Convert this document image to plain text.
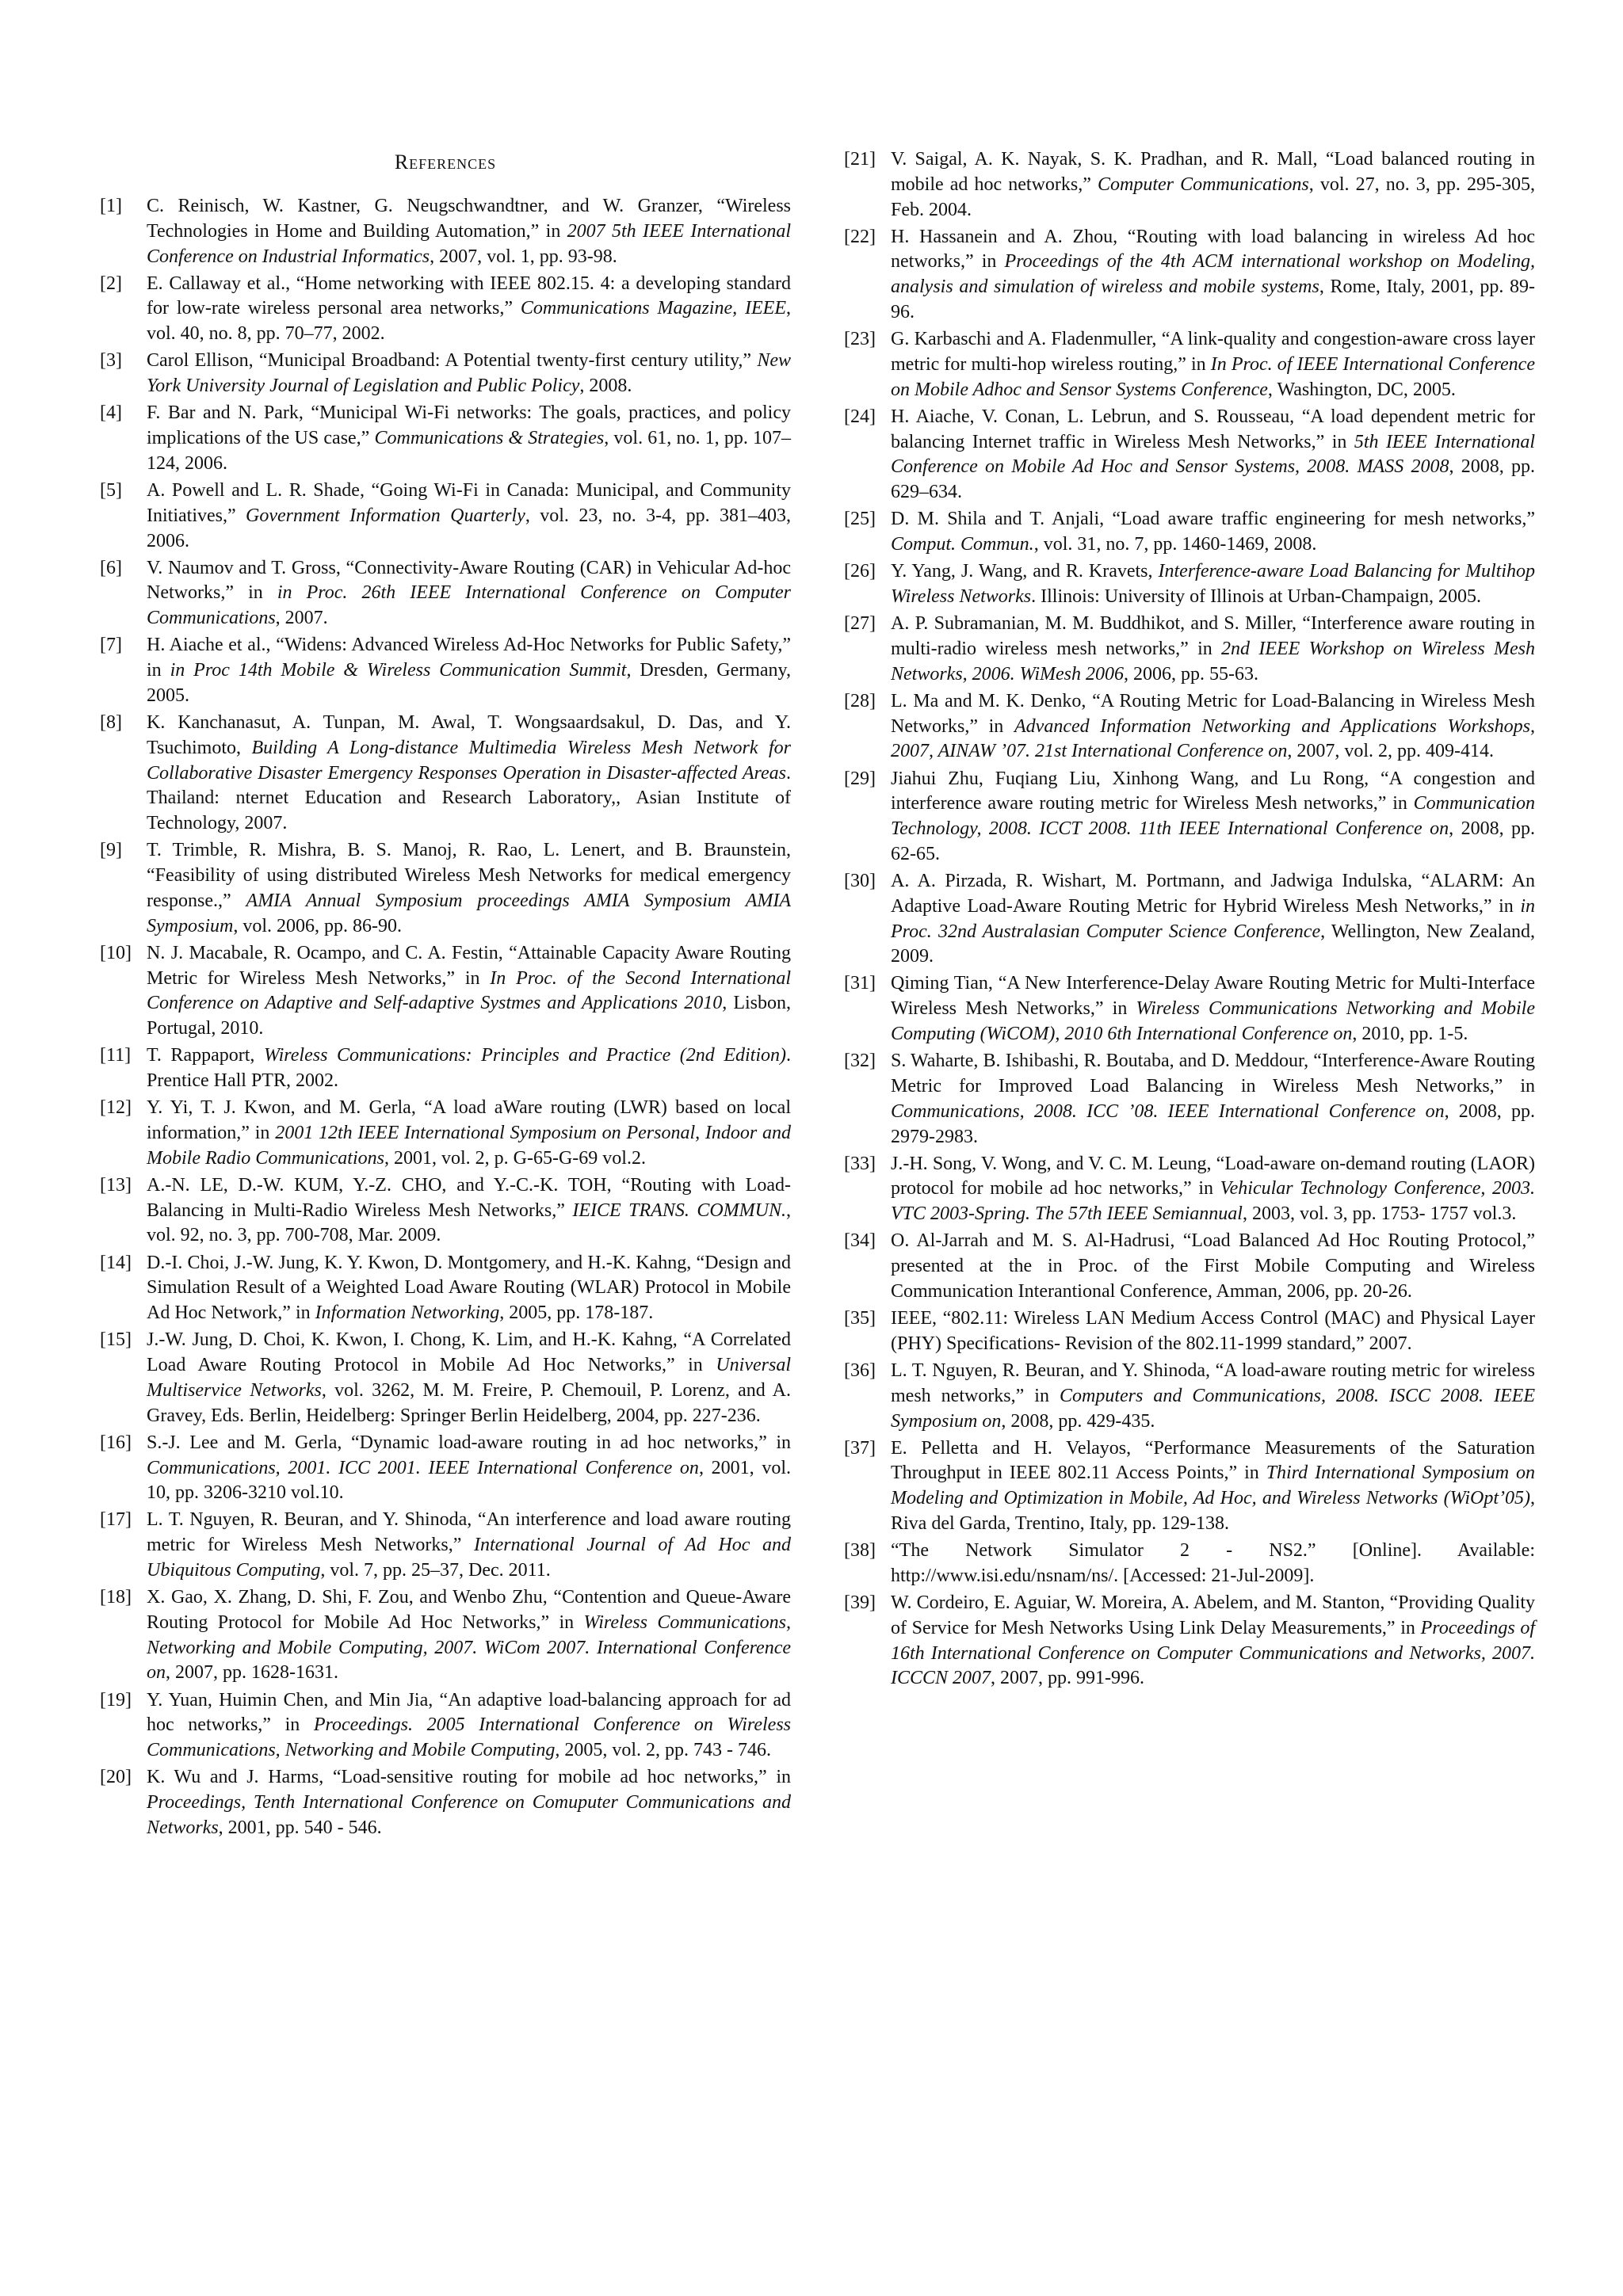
References
[1] C. Reinisch, W. Kastner, G. Neugschwandtner, and W. Granzer, “Wireless Technologies in Home and Building Automation,” in 2007 5th IEEE International Conference on Industrial Informatics, 2007, vol. 1, pp. 93-98.
[2] E. Callaway et al., “Home networking with IEEE 802.15. 4: a developing standard for low-rate wireless personal area networks,” Communications Magazine, IEEE, vol. 40, no. 8, pp. 70–77, 2002.
[3] Carol Ellison, “Municipal Broadband: A Potential twenty-first century utility,” New York University Journal of Legislation and Public Policy, 2008.
[4] F. Bar and N. Park, “Municipal Wi-Fi networks: The goals, practices, and policy implications of the US case,” Communications & Strategies, vol. 61, no. 1, pp. 107–124, 2006.
[5] A. Powell and L. R. Shade, “Going Wi-Fi in Canada: Municipal, and Community Initiatives,” Government Information Quarterly, vol. 23, no. 3-4, pp. 381–403, 2006.
[6] V. Naumov and T. Gross, “Connectivity-Aware Routing (CAR) in Vehicular Ad-hoc Networks,” in in Proc. 26th IEEE International Conference on Computer Communications, 2007.
[7] H. Aiache et al., “Widens: Advanced Wireless Ad-Hoc Networks for Public Safety,” in in Proc 14th Mobile & Wireless Communication Summit, Dresden, Germany, 2005.
[8] K. Kanchanasut, A. Tunpan, M. Awal, T. Wongsaardsakul, D. Das, and Y. Tsuchimoto, Building A Long-distance Multimedia Wireless Mesh Network for Collaborative Disaster Emergency Responses Operation in Disaster-affected Areas. Thailand: nternet Education and Research Laboratory,, Asian Institute of Technology, 2007.
[9] T. Trimble, R. Mishra, B. S. Manoj, R. Rao, L. Lenert, and B. Braunstein, “Feasibility of using distributed Wireless Mesh Networks for medical emergency response.,” AMIA Annual Symposium proceedings AMIA Symposium AMIA Symposium, vol. 2006, pp. 86-90.
[10] N. J. Macabale, R. Ocampo, and C. A. Festin, “Attainable Capacity Aware Routing Metric for Wireless Mesh Networks,” in In Proc. of the Second International Conference on Adaptive and Self-adaptive Systmes and Applications 2010, Lisbon, Portugal, 2010.
[11] T. Rappaport, Wireless Communications: Principles and Practice (2nd Edition). Prentice Hall PTR, 2002.
[12] Y. Yi, T. J. Kwon, and M. Gerla, “A load aWare routing (LWR) based on local information,” in 2001 12th IEEE International Symposium on Personal, Indoor and Mobile Radio Communications, 2001, vol. 2, p. G-65-G-69 vol.2.
[13] A.-N. LE, D.-W. KUM, Y.-Z. CHO, and Y.-C.-K. TOH, “Routing with Load-Balancing in Multi-Radio Wireless Mesh Networks,” IEICE TRANS. COMMUN., vol. 92, no. 3, pp. 700-708, Mar. 2009.
[14] D.-I. Choi, J.-W. Jung, K. Y. Kwon, D. Montgomery, and H.-K. Kahng, “Design and Simulation Result of a Weighted Load Aware Routing (WLAR) Protocol in Mobile Ad Hoc Network,” in Information Networking, 2005, pp. 178-187.
[15] J.-W. Jung, D. Choi, K. Kwon, I. Chong, K. Lim, and H.-K. Kahng, “A Correlated Load Aware Routing Protocol in Mobile Ad Hoc Networks,” in Universal Multiservice Networks, vol. 3262, M. M. Freire, P. Chemouil, P. Lorenz, and A. Gravey, Eds. Berlin, Heidelberg: Springer Berlin Heidelberg, 2004, pp. 227-236.
[16] S.-J. Lee and M. Gerla, “Dynamic load-aware routing in ad hoc networks,” in Communications, 2001. ICC 2001. IEEE International Conference on, 2001, vol. 10, pp. 3206-3210 vol.10.
[17] L. T. Nguyen, R. Beuran, and Y. Shinoda, “An interference and load aware routing metric for Wireless Mesh Networks,” International Journal of Ad Hoc and Ubiquitous Computing, vol. 7, pp. 25–37, Dec. 2011.
[18] X. Gao, X. Zhang, D. Shi, F. Zou, and Wenbo Zhu, “Contention and Queue-Aware Routing Protocol for Mobile Ad Hoc Networks,” in Wireless Communications, Networking and Mobile Computing, 2007. WiCom 2007. International Conference on, 2007, pp. 1628-1631.
[19] Y. Yuan, Huimin Chen, and Min Jia, “An adaptive load-balancing approach for ad hoc networks,” in Proceedings. 2005 International Conference on Wireless Communications, Networking and Mobile Computing, 2005, vol. 2, pp. 743 - 746.
[20] K. Wu and J. Harms, “Load-sensitive routing for mobile ad hoc networks,” in Proceedings, Tenth International Conference on Comuputer Communications and Networks, 2001, pp. 540 - 546.
[21] V. Saigal, A. K. Nayak, S. K. Pradhan, and R. Mall, “Load balanced routing in mobile ad hoc networks,” Computer Communications, vol. 27, no. 3, pp. 295-305, Feb. 2004.
[22] H. Hassanein and A. Zhou, “Routing with load balancing in wireless Ad hoc networks,” in Proceedings of the 4th ACM international workshop on Modeling, analysis and simulation of wireless and mobile systems, Rome, Italy, 2001, pp. 89-96.
[23] G. Karbaschi and A. Fladenmuller, “A link-quality and congestion-aware cross layer metric for multi-hop wireless routing,” in In Proc. of IEEE International Conference on Mobile Adhoc and Sensor Systems Conference, Washington, DC, 2005.
[24] H. Aiache, V. Conan, L. Lebrun, and S. Rousseau, “A load dependent metric for balancing Internet traffic in Wireless Mesh Networks,” in 5th IEEE International Conference on Mobile Ad Hoc and Sensor Systems, 2008. MASS 2008, 2008, pp. 629–634.
[25] D. M. Shila and T. Anjali, “Load aware traffic engineering for mesh networks,” Comput. Commun., vol. 31, no. 7, pp. 1460-1469, 2008.
[26] Y. Yang, J. Wang, and R. Kravets, Interference-aware Load Balancing for Multihop Wireless Networks. Illinois: University of Illinois at Urban-Champaign, 2005.
[27] A. P. Subramanian, M. M. Buddhikot, and S. Miller, “Interference aware routing in multi-radio wireless mesh networks,” in 2nd IEEE Workshop on Wireless Mesh Networks, 2006. WiMesh 2006, 2006, pp. 55-63.
[28] L. Ma and M. K. Denko, “A Routing Metric for Load-Balancing in Wireless Mesh Networks,” in Advanced Information Networking and Applications Workshops, 2007, AINAW ’07. 21st International Conference on, 2007, vol. 2, pp. 409-414.
[29] Jiahui Zhu, Fuqiang Liu, Xinhong Wang, and Lu Rong, “A congestion and interference aware routing metric for Wireless Mesh networks,” in Communication Technology, 2008. ICCT 2008. 11th IEEE International Conference on, 2008, pp. 62-65.
[30] A. A. Pirzada, R. Wishart, M. Portmann, and Jadwiga Indulska, “ALARM: An Adaptive Load-Aware Routing Metric for Hybrid Wireless Mesh Networks,” in in Proc. 32nd Australasian Computer Science Conference, Wellington, New Zealand, 2009.
[31] Qiming Tian, “A New Interference-Delay Aware Routing Metric for Multi-Interface Wireless Mesh Networks,” in Wireless Communications Networking and Mobile Computing (WiCOM), 2010 6th International Conference on, 2010, pp. 1-5.
[32] S. Waharte, B. Ishibashi, R. Boutaba, and D. Meddour, “Interference-Aware Routing Metric for Improved Load Balancing in Wireless Mesh Networks,” in Communications, 2008. ICC ’08. IEEE International Conference on, 2008, pp. 2979-2983.
[33] J.-H. Song, V. Wong, and V. C. M. Leung, “Load-aware on-demand routing (LAOR) protocol for mobile ad hoc networks,” in Vehicular Technology Conference, 2003. VTC 2003-Spring. The 57th IEEE Semiannual, 2003, vol. 3, pp. 1753- 1757 vol.3.
[34] O. Al-Jarrah and M. S. Al-Hadrusi, “Load Balanced Ad Hoc Routing Protocol,” presented at the in Proc. of the First Mobile Computing and Wireless Communication Interantional Conference, Amman, 2006, pp. 20-26.
[35] IEEE, “802.11: Wireless LAN Medium Access Control (MAC) and Physical Layer (PHY) Specifications- Revision of the 802.11-1999 standard,” 2007.
[36] L. T. Nguyen, R. Beuran, and Y. Shinoda, “A load-aware routing metric for wireless mesh networks,” in Computers and Communications, 2008. ISCC 2008. IEEE Symposium on, 2008, pp. 429-435.
[37] E. Pelletta and H. Velayos, “Performance Measurements of the Saturation Throughput in IEEE 802.11 Access Points,” in Third International Symposium on Modeling and Optimization in Mobile, Ad Hoc, and Wireless Networks (WiOpt’05), Riva del Garda, Trentino, Italy, pp. 129-138.
[38] “The Network Simulator 2 - NS2.” [Online]. Available: http://www.isi.edu/nsnam/ns/. [Accessed: 21-Jul-2009].
[39] W. Cordeiro, E. Aguiar, W. Moreira, A. Abelem, and M. Stanton, “Providing Quality of Service for Mesh Networks Using Link Delay Measurements,” in Proceedings of 16th International Conference on Computer Communications and Networks, 2007. ICCCN 2007, 2007, pp. 991-996.
